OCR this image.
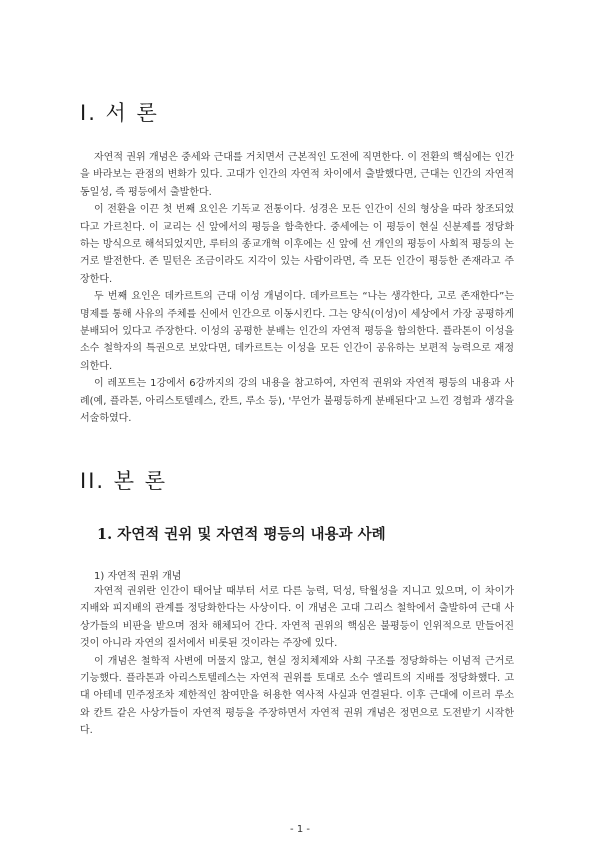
I. 서 론

자연적 권위 개념은 중세와 근대를 거치면서 근본적인 도전에 직면한다. 이 전환의 핵심에는 인간을 바라보는 관점의 변화가 있다. 고대가 인간의 자연적 차이에서 출발했다면, 근대는 인간의 자연적 동일성, 즉 평등에서 출발한다.

이 전환을 이끈 첫 번째 요인은 기독교 전통이다. 성경은 모든 인간이 신의 형상을 따라 창조되었다고 가르친다. 이 교리는 신 앞에서의 평등을 함축한다. 중세에는 이 평등이 현실 신분제를 정당화하는 방식으로 해석되었지만, 루터의 종교개혁 이후에는 신 앞에 선 개인의 평등이 사회적 평등의 논거로 발전한다. 존 밀턴은 조금이라도 지각이 있는 사람이라면, 즉 모든 인간이 평등한 존재라고 주장한다.

두 번째 요인은 데카르트의 근대 이성 개념이다. 데카르트는 “나는 생각한다, 고로 존재한다”는 명제를 통해 사유의 주체를 신에서 인간으로 이동시킨다. 그는 양식(이성)이 세상에서 가장 공평하게 분배되어 있다고 주장한다. 이성의 공평한 분배는 인간의 자연적 평등을 함의한다. 플라톤이 이성을 소수 철학자의 특권으로 보았다면, 데카르트는 이성을 모든 인간이 공유하는 보편적 능력으로 재정의한다.

이 레포트는 1강에서 6강까지의 강의 내용을 참고하여, 자연적 권위와 자연적 평등의 내용과 사례(예, 플라톤, 아리스토텔레스, 칸트, 루소 등), '무언가 불평등하게 분배된다'고 느낀 경험과 생각을 서술하였다.

II. 본 론
1. 자연적 권위 및 자연적 평등의 내용과 사례
1) 자연적 권위 개념

자연적 권위란 인간이 태어날 때부터 서로 다른 능력, 덕성, 탁월성을 지니고 있으며, 이 차이가 지배와 피지배의 관계를 정당화한다는 사상이다. 이 개념은 고대 그리스 철학에서 출발하여 근대 사상가들의 비판을 받으며 점차 해체되어 간다. 자연적 권위의 핵심은 불평등이 인위적으로 만들어진 것이 아니라 자연의 질서에서 비롯된 것이라는 주장에 있다.

이 개념은 철학적 사변에 머물지 않고, 현실 정치체제와 사회 구조를 정당화하는 이념적 근거로 기능했다. 플라톤과 아리스토텔레스는 자연적 권위를 토대로 소수 엘리트의 지배를 정당화했다. 고대 아테네 민주정조차 제한적인 참여만을 허용한 역사적 사실과 연결된다. 이후 근대에 이르러 루소와 칸트 같은 사상가들이 자연적 평등을 주장하면서 자연적 권위 개념은 정면으로 도전받기 시작한다.

- 1 -
